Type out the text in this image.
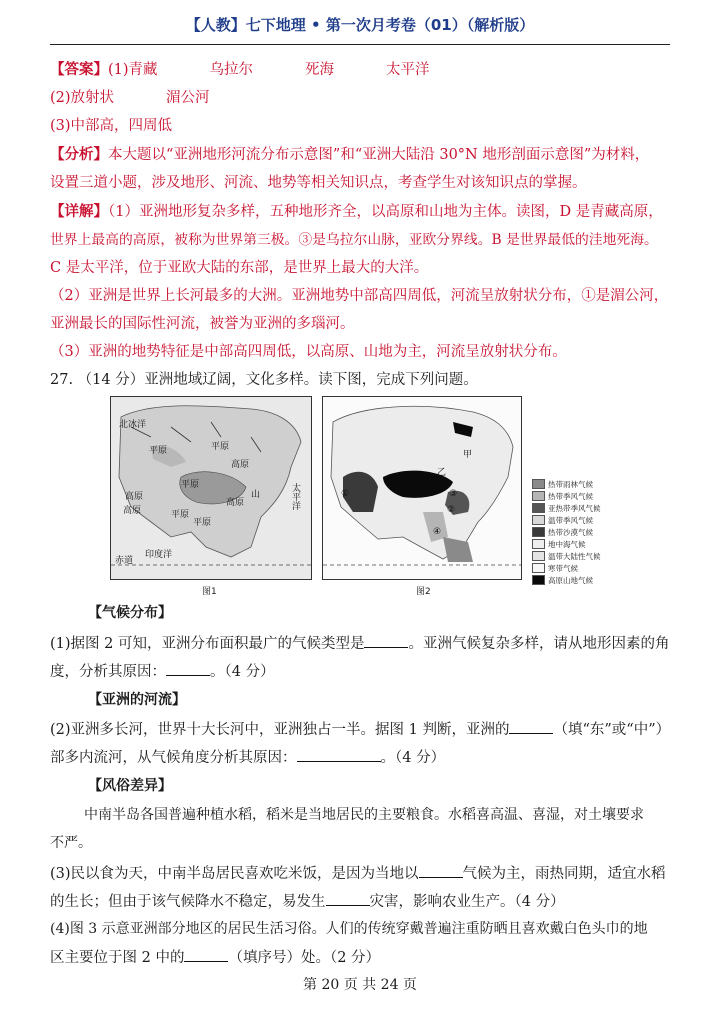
【人教】七下地理 • 第一次月考卷（01）（解析版）
【答案】(1)青藏	乌拉尔	死海	太平洋
(2)放射状	湄公河
(3)中部高，四周低
【分析】本大题以“亚洲地形河流分布示意图”和“亚洲大陆沿 30°N 地形剖面示意图”为材料，
设置三道小题，涉及地形、河流、地势等相关知识点，考查学生对该知识点的掌握。
【详解】（1）亚洲地形复杂多样，五种地形齐全，以高原和山地为主体。读图，D 是青藏高原，
世界上最高的高原，被称为世界第三极。③是乌拉尔山脉，亚欧分界线。B 是世界最低的洼地死海。
C 是太平洋，位于亚欧大陆的东部，是世界上最大的大洋。
（2）亚洲是世界上长河最多的大洲。亚洲地势中部高四周低，河流呈放射状分布，①是湄公河，
亚洲最长的国际性河流，被誉为亚洲的多瑙河。
（3）亚洲的地势特征是中部高四周低，以高原、山地为主，河流呈放射状分布。
27. （14 分）亚洲地域辽阔，文化多样。读下图，完成下列问题。
北冰洋
平原	平原
高原
高原
平原
高原
高原
平原
平原
山	太平洋
赤道
印度洋
图1
甲
乙
①
②
③
④
图2
热带雨林气候
热带季风气候
亚热带季风气候
温带季风气候
热带沙漠气候
地中海气候
温带大陆性气候
寒带气候
高原山地气候
【气候分布】
(1)据图 2 可知，亚洲分布面积最广的气候类型是	。亚洲气候复杂多样，请从地形因素的角
度，分析其原因：	。（4 分）
【亚洲的河流】
(2)亚洲多长河，世界十大长河中，亚洲独占一半。据图 1 判断，亚洲的	（填“东”或“中”）
部多内流河，从气候角度分析其原因：	。（4 分）
【风俗差异】
中南半岛各国普遍种植水稻，稻米是当地居民的主要粮食。水稻喜高温、喜湿，对土壤要求
不严。
(3)民以食为天，中南半岛居民喜欢吃米饭，是因为当地以	气候为主，雨热同期，适宜水稻
的生长；但由于该气候降水不稳定，易发生	灾害，影响农业生产。（4 分）
(4)图 3 示意亚洲部分地区的居民生活习俗。人们的传统穿戴普遍注重防晒且喜欢戴白色头巾的地
区主要位于图 2 中的	（填序号）处。（2 分）
第 20 页 共 24 页
